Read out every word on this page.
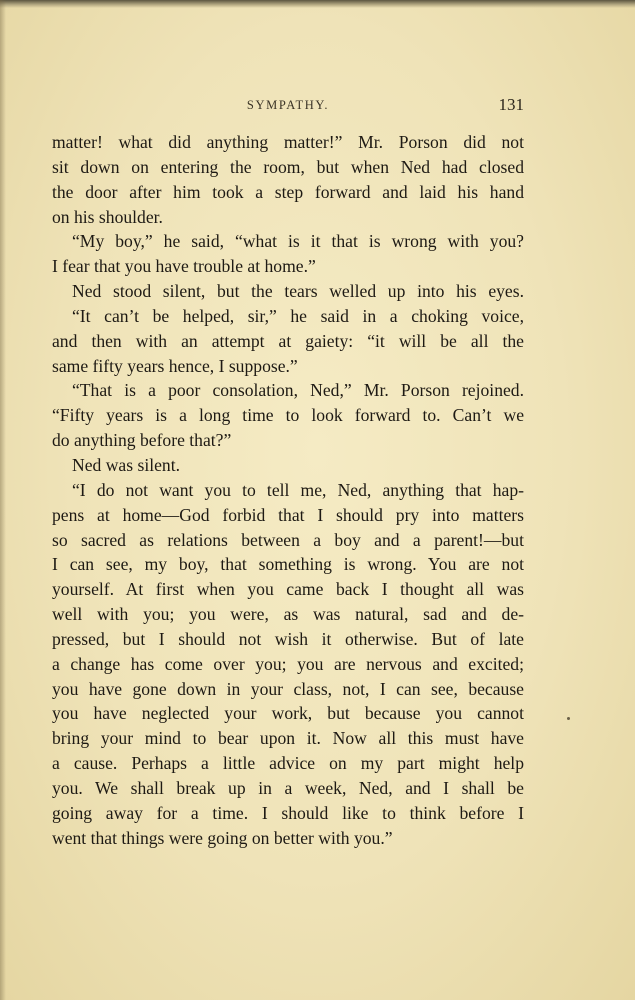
SYMPATHY.	131
matter! what did anything matter!” Mr. Porson did not
sit down on entering the room, but when Ned had closed
the door after him took a step forward and laid his hand
on his shoulder.
“My boy,” he said, “what is it that is wrong with you?
I fear that you have trouble at home.”
Ned stood silent, but the tears welled up into his eyes.
“It can’t be helped, sir,” he said in a choking voice,
and then with an attempt at gaiety: “it will be all the
same fifty years hence, I suppose.”
“That is a poor consolation, Ned,” Mr. Porson rejoined.
“Fifty years is a long time to look forward to. Can’t we
do anything before that?”
Ned was silent.
“I do not want you to tell me, Ned, anything that hap-
pens at home—God forbid that I should pry into matters
so sacred as relations between a boy and a parent!—but
I can see, my boy, that something is wrong. You are not
yourself. At first when you came back I thought all was
well with you; you were, as was natural, sad and de-
pressed, but I should not wish it otherwise. But of late
a change has come over you; you are nervous and excited;
you have gone down in your class, not, I can see, because
you have neglected your work, but because you cannot
bring your mind to bear upon it. Now all this must have
a cause. Perhaps a little advice on my part might help
you. We shall break up in a week, Ned, and I shall be
going away for a time. I should like to think before I
went that things were going on better with you.”
